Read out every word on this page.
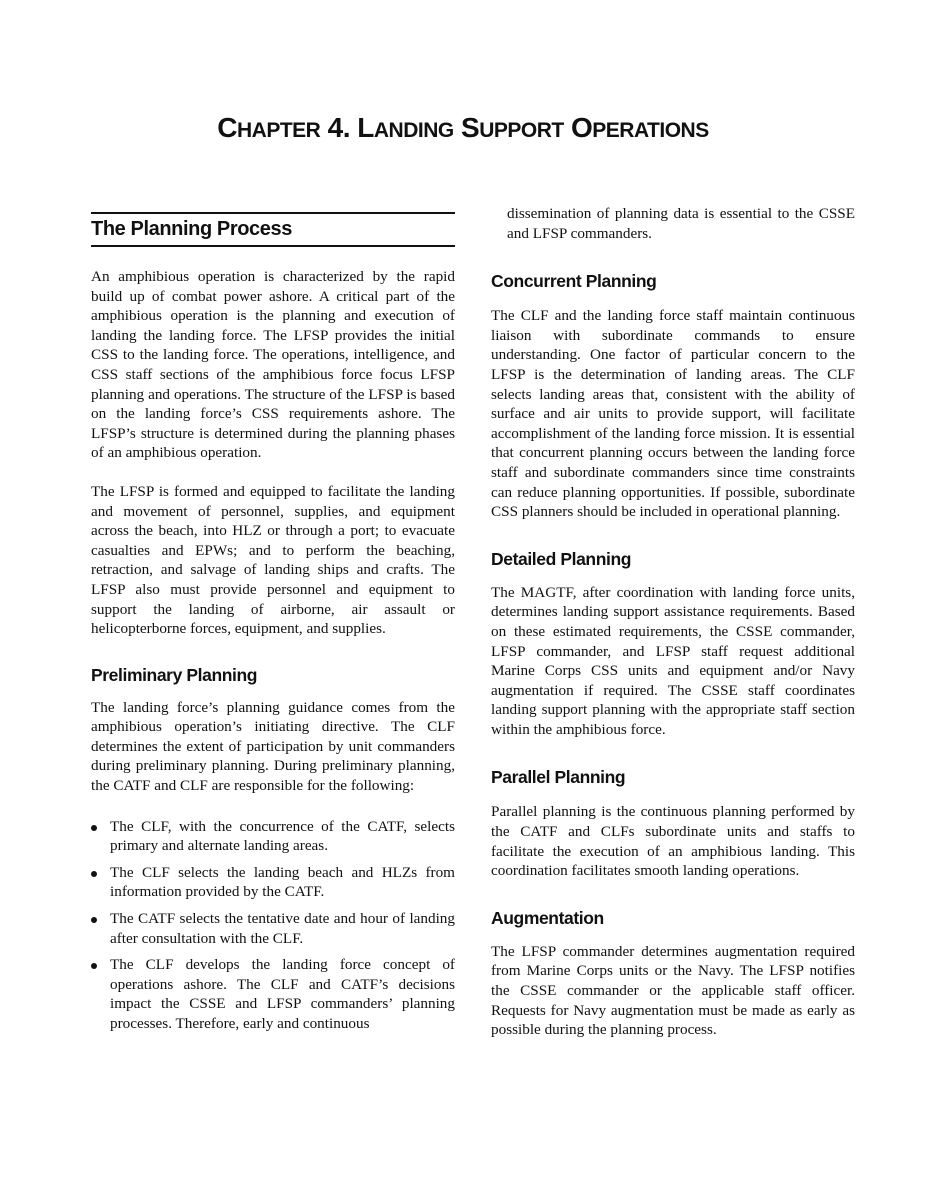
CHAPTER 4. LANDING SUPPORT OPERATIONS
The Planning Process

An amphibious operation is characterized by the rapid build up of combat power ashore. A critical part of the amphibious operation is the planning and execution of landing the landing force. The LFSP provides the initial CSS to the landing force. The operations, intelligence, and CSS staff sections of the amphibious force focus LFSP planning and operations. The structure of the LFSP is based on the landing force’s CSS requirements ashore. The LFSP’s structure is determined during the planning phases of an amphibious operation.

The LFSP is formed and equipped to facilitate the landing and movement of personnel, supplies, and equipment across the beach, into HLZ or through a port; to evacuate casualties and EPWs; and to perform the beaching, retraction, and salvage of landing ships and crafts. The LFSP also must provide personnel and equipment to support the landing of airborne, air assault or helicopterborne forces, equipment, and supplies.

Preliminary Planning

The landing force’s planning guidance comes from the amphibious operation’s initiating directive. The CLF determines the extent of participation by unit commanders during preliminary planning. During preliminary planning, the CATF and CLF are responsible for the following:

The CLF, with the concurrence of the CATF, selects primary and alternate landing areas.

The CLF selects the landing beach and HLZs from information provided by the CATF.

The CATF selects the tentative date and hour of landing after consultation with the CLF.

The CLF develops the landing force concept of operations ashore. The CLF and CATF’s decisions impact the CSSE and LFSP commanders’ planning processes. Therefore, early and continuous

dissemination of planning data is essential to the CSSE and LFSP commanders.

Concurrent Planning

The CLF and the landing force staff maintain continuous liaison with subordinate commands to ensure understanding. One factor of particular concern to the LFSP is the determination of landing areas. The CLF selects landing areas that, consistent with the ability of surface and air units to provide support, will facilitate accomplishment of the landing force mission. It is essential that concurrent planning occurs between the landing force staff and subordinate commanders since time constraints can reduce planning opportunities. If possible, subordinate CSS planners should be included in operational planning.

Detailed Planning

The MAGTF, after coordination with landing force units, determines landing support assistance requirements. Based on these estimated requirements, the CSSE commander, LFSP commander, and LFSP staff request additional Marine Corps CSS units and equipment and/or Navy augmentation if required. The CSSE staff coordinates landing support planning with the appropriate staff section within the amphibious force.

Parallel Planning

Parallel planning is the continuous planning performed by the CATF and CLFs subordinate units and staffs to facilitate the execution of an amphibious landing. This coordination facilitates smooth landing operations.

Augmentation

The LFSP commander determines augmentation required from Marine Corps units or the Navy. The LFSP notifies the CSSE commander or the applicable staff officer. Requests for Navy augmentation must be made as early as possible during the planning process.
